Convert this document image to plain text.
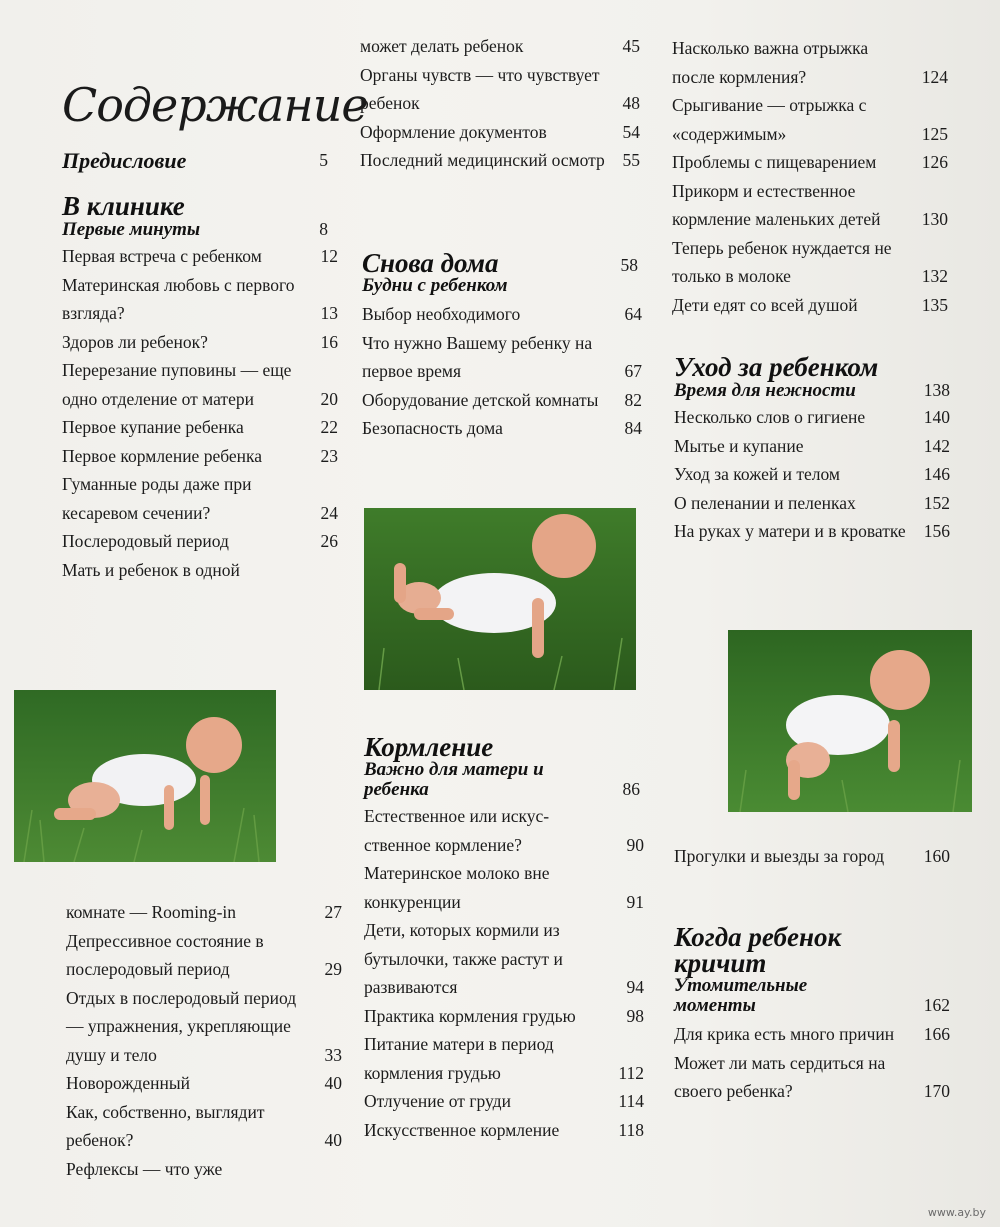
Содержание
Предисловие	5
В клинике
Первые минуты	8
Первая встреча с ребенком	12
Материнская любовь с первого взгляда?	13
Здоров ли ребенок?	16
Перерезание пуповины — еще одно отделение от матери	20
Первое купание ребенка	22
Первое кормление ребенка	23
Гуманные роды даже при кесаревом сечении?	24
Послеродовый период	26
Мать и ребенок в одной
комнате — Rooming-in	27
Депрессивное состояние в послеродовый период	29
Отдых в послеродовый период — упражнения, укрепляющие душу и тело	33
Новорожденный	40
Как, собственно, выглядит ребенок?	40
Рефлексы — что уже
может делать ребенок	45
Органы чувств — что чувствует ребенок	48
Оформление документов	54
Последний медицинский осмотр	55
Снова дома	58
Будни с ребенком
Выбор необходимого	64
Что нужно Вашему ребенку на первое время	67
Оборудование детской комнаты	82
Безопасность дома	84
Кормление
Важно для матери и ребенка	86
Естественное или искус-ственное кормление?	90
Материнское молоко вне конкуренции	91
Дети, которых кормили из бутылочки, также растут и развиваются	94
Практика кормления грудью	98
Питание матери в период кормления грудью	112
Отлучение от груди	114
Искусственное кормление	118
Насколько важна отрыжка после кормления?	124
Срыгивание — отрыжка с «содержимым»	125
Проблемы с пищеварением	126
Прикорм и естественное кормление маленьких детей	130
Теперь ребенок нуждается не только в молоке	132
Дети едят со всей душой	135
Уход за ребенком
Время для нежности	138
Несколько слов о гигиене	140
Мытье и купание	142
Уход за кожей и телом	146
О пеленании и пеленках	152
На руках у матери и в кроватке	156
Прогулки и выезды за город	160
Когда ребенок кричит
Утомительные моменты	162
Для крика есть много причин	166
Может ли мать сердиться на своего ребенка?	170
www.ay.by
